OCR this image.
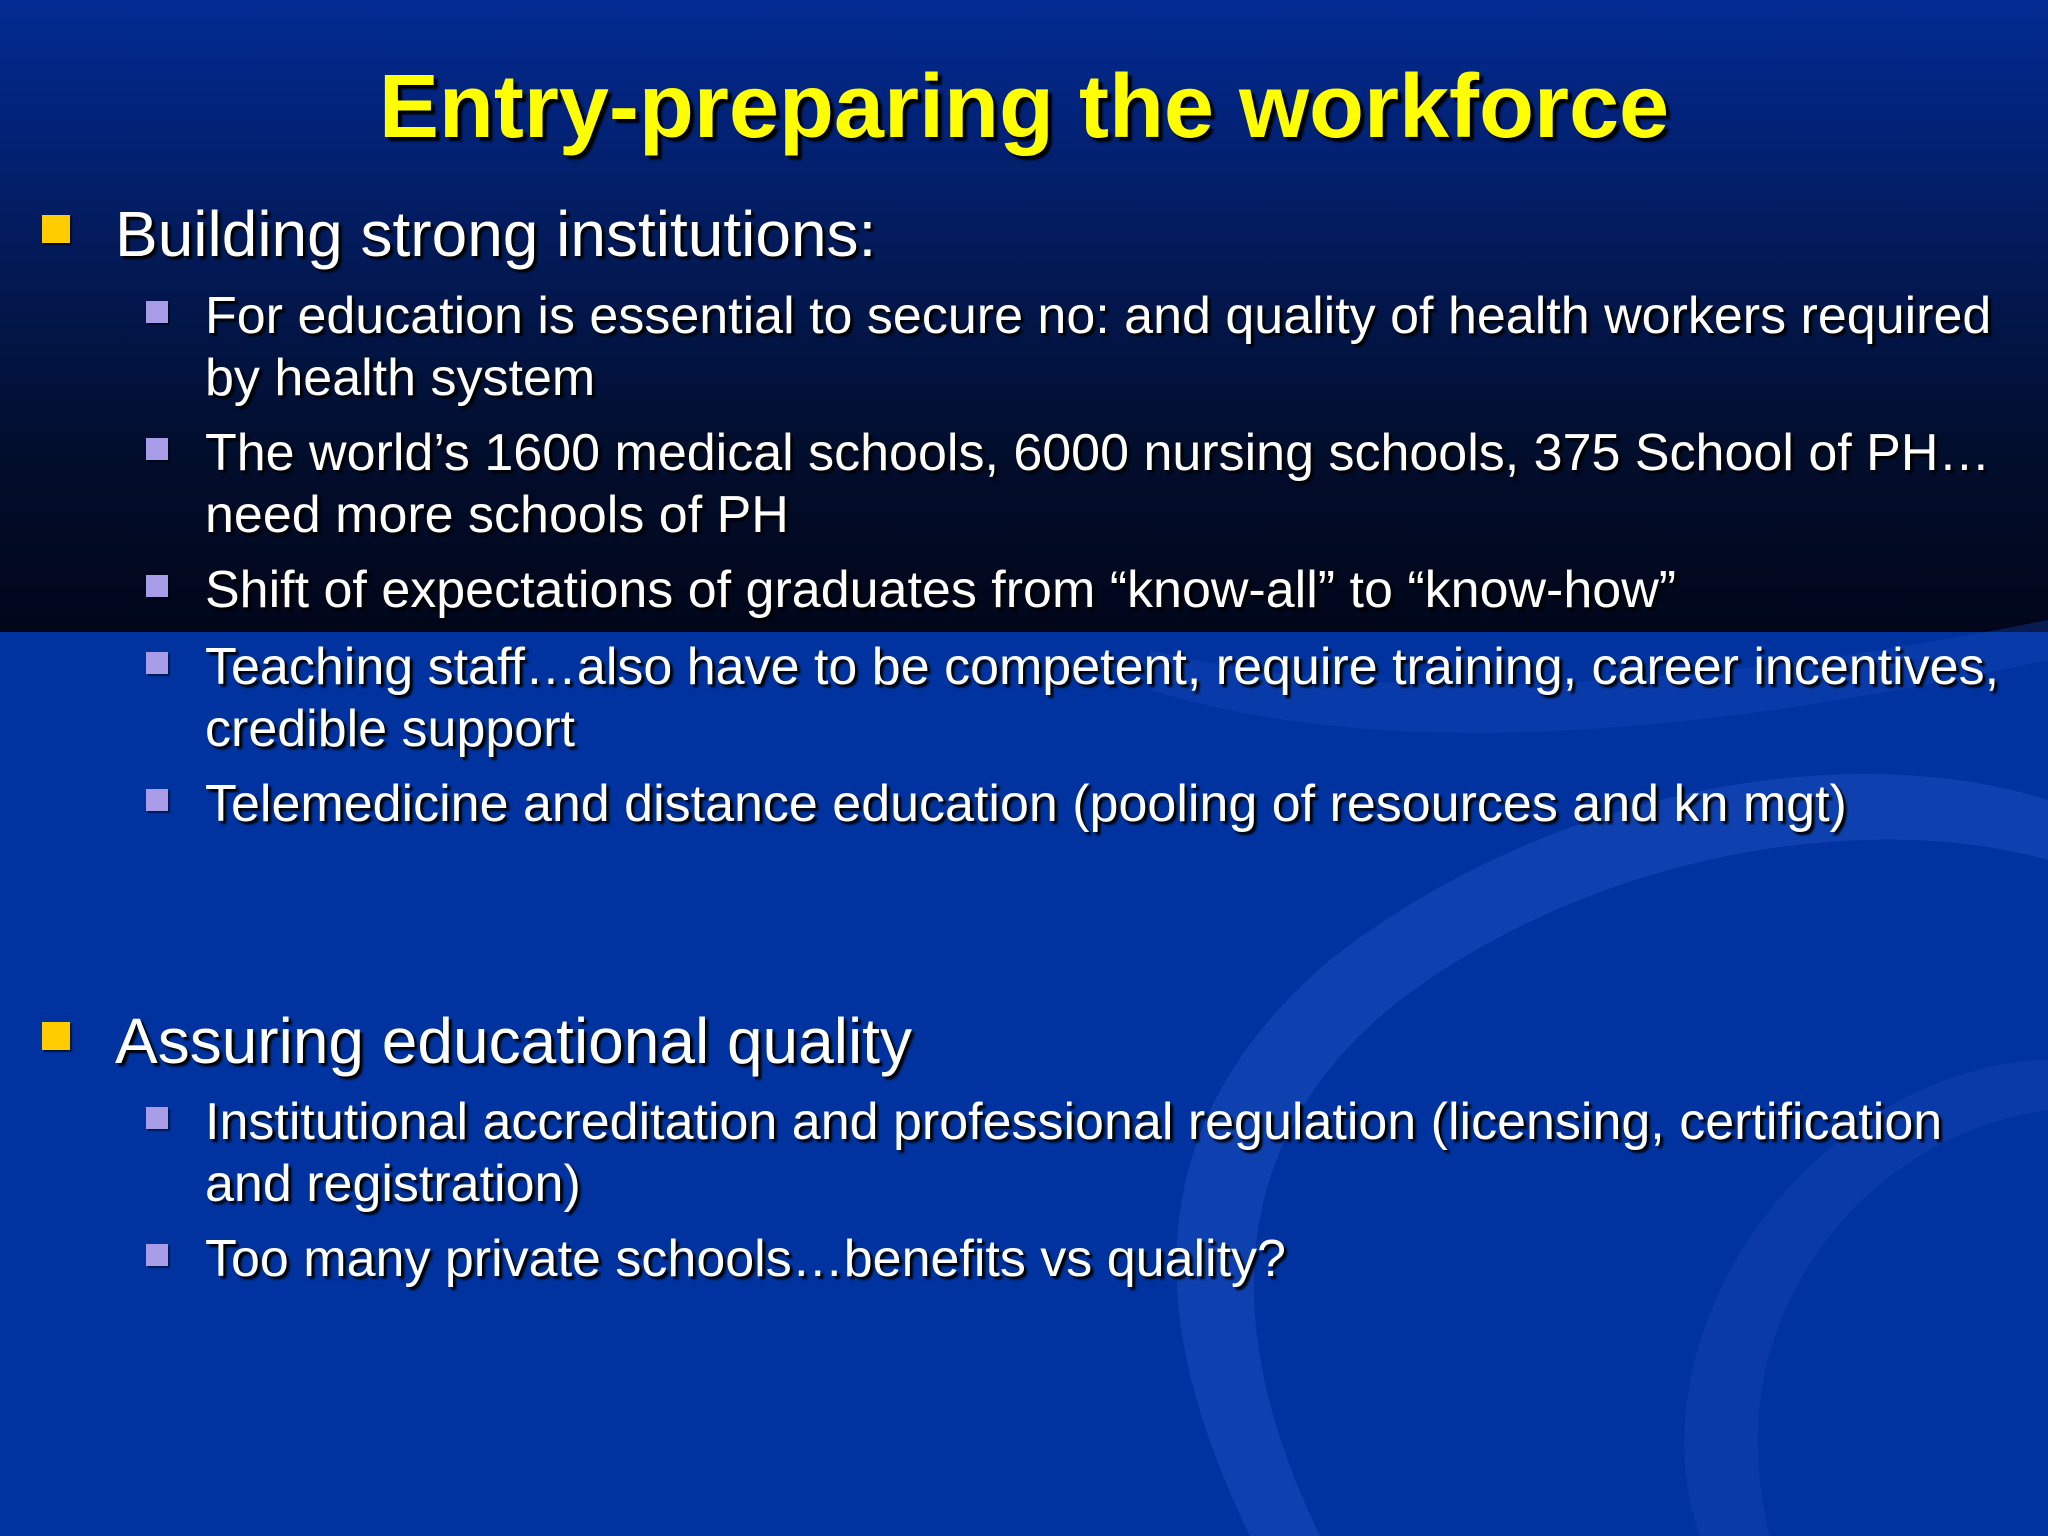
Entry-preparing the workforce
Building strong institutions:
For education is essential to secure no: and quality of health workers required by health system
The world’s 1600 medical schools, 6000 nursing schools, 375 School of PH…need more schools of PH
Shift of expectations of graduates from “know-all” to “know-how”
Teaching staff…also have to be competent, require training, career incentives, credible support
Telemedicine and distance education (pooling of resources and kn mgt)
Assuring educational quality
Institutional accreditation and professional regulation (licensing, certification and registration)
Too many private schools…benefits vs quality?
